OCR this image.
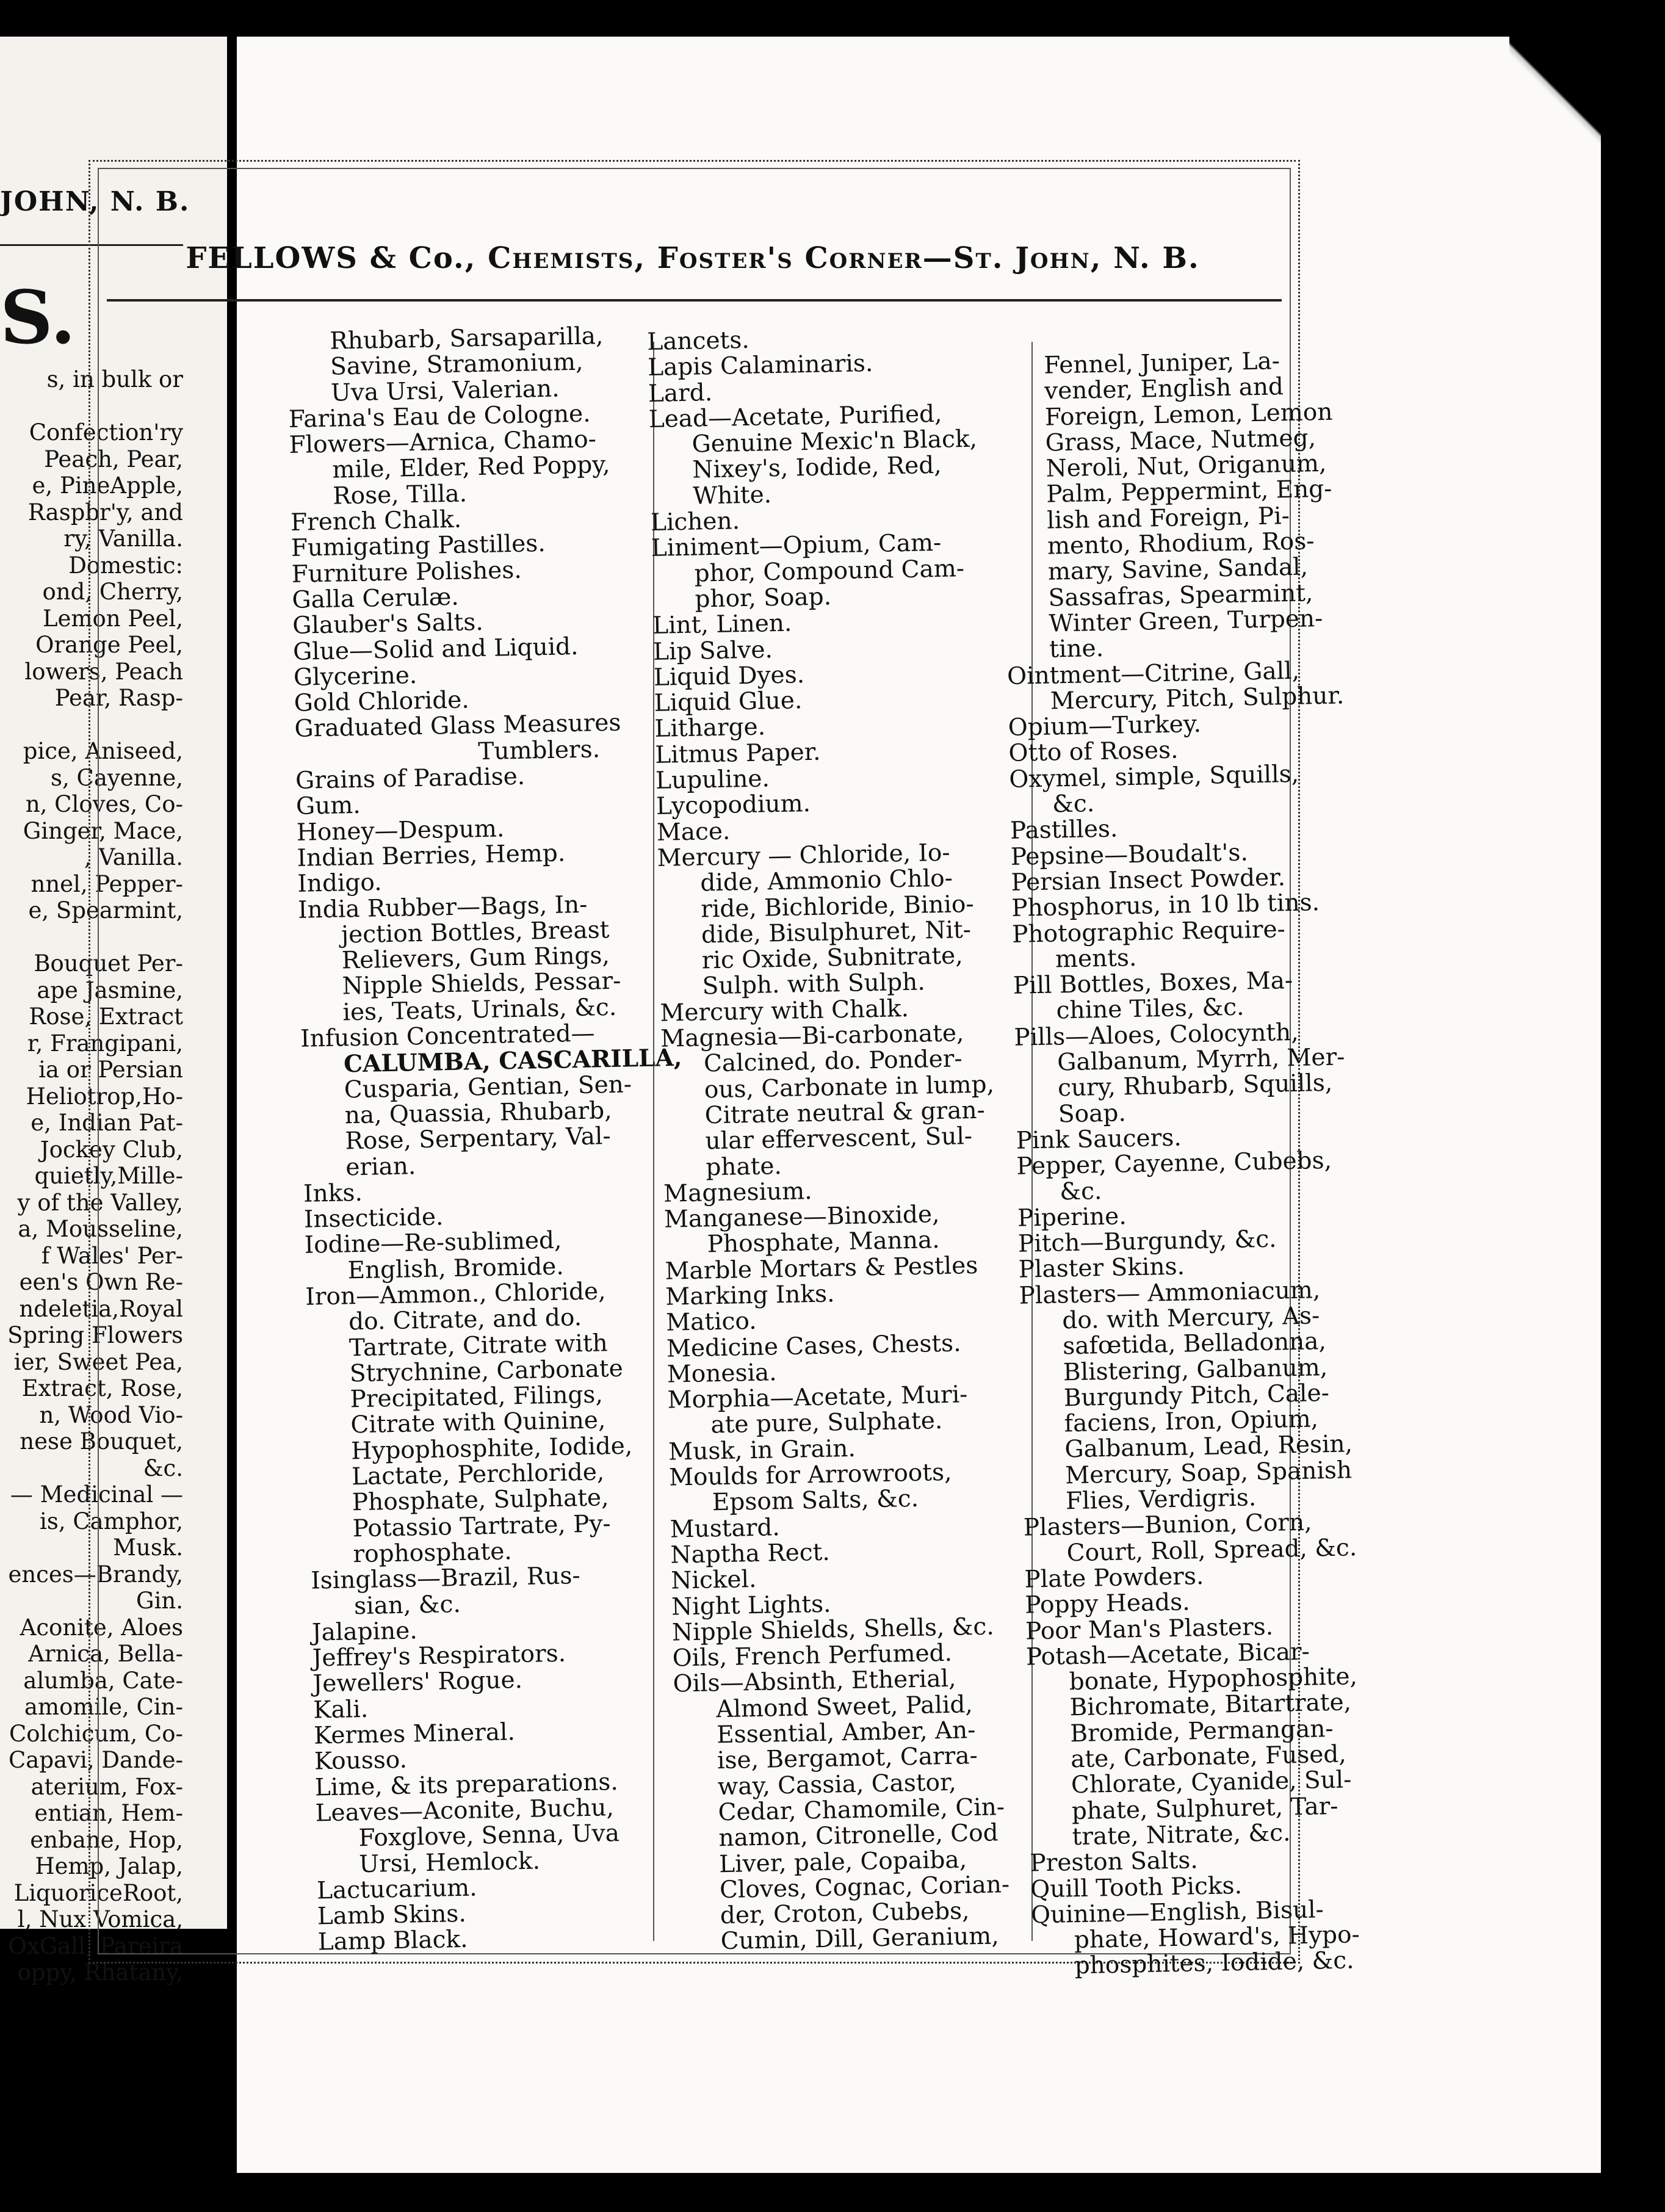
JOHN, N. B.
S.
s, in bulk or
Confection'ry
Peach, Pear,
e, PineApple,
Raspbr'y, and
ry, Vanilla.
Domestic:
ond, Cherry,
Lemon Peel,
Orange Peel,
lowers, Peach
Pear, Rasp-
pice, Aniseed,
s, Cayenne,
n, Cloves, Co-
Ginger, Mace,
, Vanilla.
nnel, Pepper-
e, Spearmint,
Bouquet Per-
ape Jasmine,
Rose, Extract
r, Frangipani,
ia or Persian
Heliotrop,Ho-
e, Indian Pat-
Jockey Club,
quietly,Mille-
y of the Valley,
a, Mousseline,
f Wales' Per-
een's Own Re-
ndeletia,Royal
Spring Flowers
ier, Sweet Pea,
Extract, Rose,
n, Wood Vio-
nese Bouquet,
&c.
— Medicinal —
is, Camphor,
Musk.
ences—Brandy,
Gin.
Aconite, Aloes
Arnica, Bella-
alumba, Cate-
amomile, Cin-
Colchicum, Co-
Capavi, Dande-
aterium, Fox-
entian, Hem-
enbane, Hop,
Hemp, Jalap,
LiquoriceRoot,
l, Nux Vomica,
OxGall, Pareira
oppy, Rhatany,
FELLOWS & Co., Chemists, Foster's Corner—St. John, N. B.
Rhubarb, Sarsaparilla,
Savine, Stramonium,
Uva Ursi, Valerian.
Farina's Eau de Cologne.
Flowers—Arnica, Chamo-
mile, Elder, Red Poppy,
Rose, Tilla.
French Chalk.
Fumigating Pastilles.
Furniture Polishes.
Galla Cerulæ.
Glauber's Salts.
Glue—Solid and Liquid.
Glycerine.
Gold Chloride.
Graduated Glass Measures
Tumblers.
Grains of Paradise.
Gum.
Honey—Despum.
Indian Berries, Hemp.
Indigo.
India Rubber—Bags, In-
jection Bottles, Breast
Relievers, Gum Rings,
Nipple Shields, Pessar-
ies, Teats, Urinals, &c.
Infusion Concentrated—
CALUMBA, CASCARILLA,
Cusparia, Gentian, Sen-
na, Quassia, Rhubarb,
Rose, Serpentary, Val-
erian.
Inks.
Insecticide.
Iodine—Re-sublimed,
English, Bromide.
Iron—Ammon., Chloride,
do. Citrate, and do.
Tartrate, Citrate with
Strychnine, Carbonate
Precipitated, Filings,
Citrate with Quinine,
Hypophosphite, Iodide,
Lactate, Perchloride,
Phosphate, Sulphate,
Potassio Tartrate, Py-
rophosphate.
Isinglass—Brazil, Rus-
sian, &c.
Jalapine.
Jeffrey's Respirators.
Jewellers' Rogue.
Kali.
Kermes Mineral.
Kousso.
Lime, & its preparations.
Leaves—Aconite, Buchu,
Foxglove, Senna, Uva
Ursi, Hemlock.
Lactucarium.
Lamb Skins.
Lamp Black.
Lancets.
Lapis Calaminaris.
Lard.
Lead—Acetate, Purified,
Genuine Mexic'n Black,
Nixey's, Iodide, Red,
White.
Lichen.
Liniment—Opium, Cam-
phor, Compound Cam-
phor, Soap.
Lint, Linen.
Lip Salve.
Liquid Dyes.
Liquid Glue.
Litharge.
Litmus Paper.
Lupuline.
Lycopodium.
Mace.
Mercury — Chloride, Io-
dide, Ammonio Chlo-
ride, Bichloride, Binio-
dide, Bisulphuret, Nit-
ric Oxide, Subnitrate,
Sulph. with Sulph.
Mercury with Chalk.
Magnesia—Bi-carbonate,
Calcined, do. Ponder-
ous, Carbonate in lump,
Citrate neutral & gran-
ular effervescent, Sul-
phate.
Magnesium.
Manganese—Binoxide,
Phosphate, Manna.
Marble Mortars & Pestles
Marking Inks.
Matico.
Medicine Cases, Chests.
Monesia.
Morphia—Acetate, Muri-
ate pure, Sulphate.
Musk, in Grain.
Moulds for Arrowroots,
Epsom Salts, &c.
Mustard.
Naptha Rect.
Nickel.
Night Lights.
Nipple Shields, Shells, &c.
Oils, French Perfumed.
Oils—Absinth, Etherial,
Almond Sweet, Palid,
Essential, Amber, An-
ise, Bergamot, Carra-
way, Cassia, Castor,
Cedar, Chamomile, Cin-
namon, Citronelle, Cod
Liver, pale, Copaiba,
Cloves, Cognac, Corian-
der, Croton, Cubebs,
Cumin, Dill, Geranium,
Fennel, Juniper, La-
vender, English and
Foreign, Lemon, Lemon
Grass, Mace, Nutmeg,
Neroli, Nut, Origanum,
Palm, Peppermint, Eng-
lish and Foreign, Pi-
mento, Rhodium, Ros-
mary, Savine, Sandal,
Sassafras, Spearmint,
Winter Green, Turpen-
tine.
Ointment—Citrine, Gall,
Mercury, Pitch, Sulphur.
Opium—Turkey.
Otto of Roses.
Oxymel, simple, Squills,
&c.
Pastilles.
Pepsine—Boudalt's.
Persian Insect Powder.
Phosphorus, in 10 lb tins.
Photographic Require-
ments.
Pill Bottles, Boxes, Ma-
chine Tiles, &c.
Pills—Aloes, Colocynth,
Galbanum, Myrrh, Mer-
cury, Rhubarb, Squills,
Soap.
Pink Saucers.
Pepper, Cayenne, Cubebs,
&c.
Piperine.
Pitch—Burgundy, &c.
Plaster Skins.
Plasters— Ammoniacum,
do. with Mercury, As-
safœtida, Belladonna,
Blistering, Galbanum,
Burgundy Pitch, Cale-
faciens, Iron, Opium,
Galbanum, Lead, Resin,
Mercury, Soap, Spanish
Flies, Verdigris.
Plasters—Bunion, Corn,
Court, Roll, Spread, &c.
Plate Powders.
Poppy Heads.
Poor Man's Plasters.
Potash—Acetate, Bicar-
bonate, Hypophosphite,
Bichromate, Bitartrate,
Bromide, Permangan-
ate, Carbonate, Fused,
Chlorate, Cyanide, Sul-
phate, Sulphuret, Tar-
trate, Nitrate, &c.
Preston Salts.
Quill Tooth Picks.
Quinine—English, Bisul-
phate, Howard's, Hypo-
phosphites, Iodide, &c.
